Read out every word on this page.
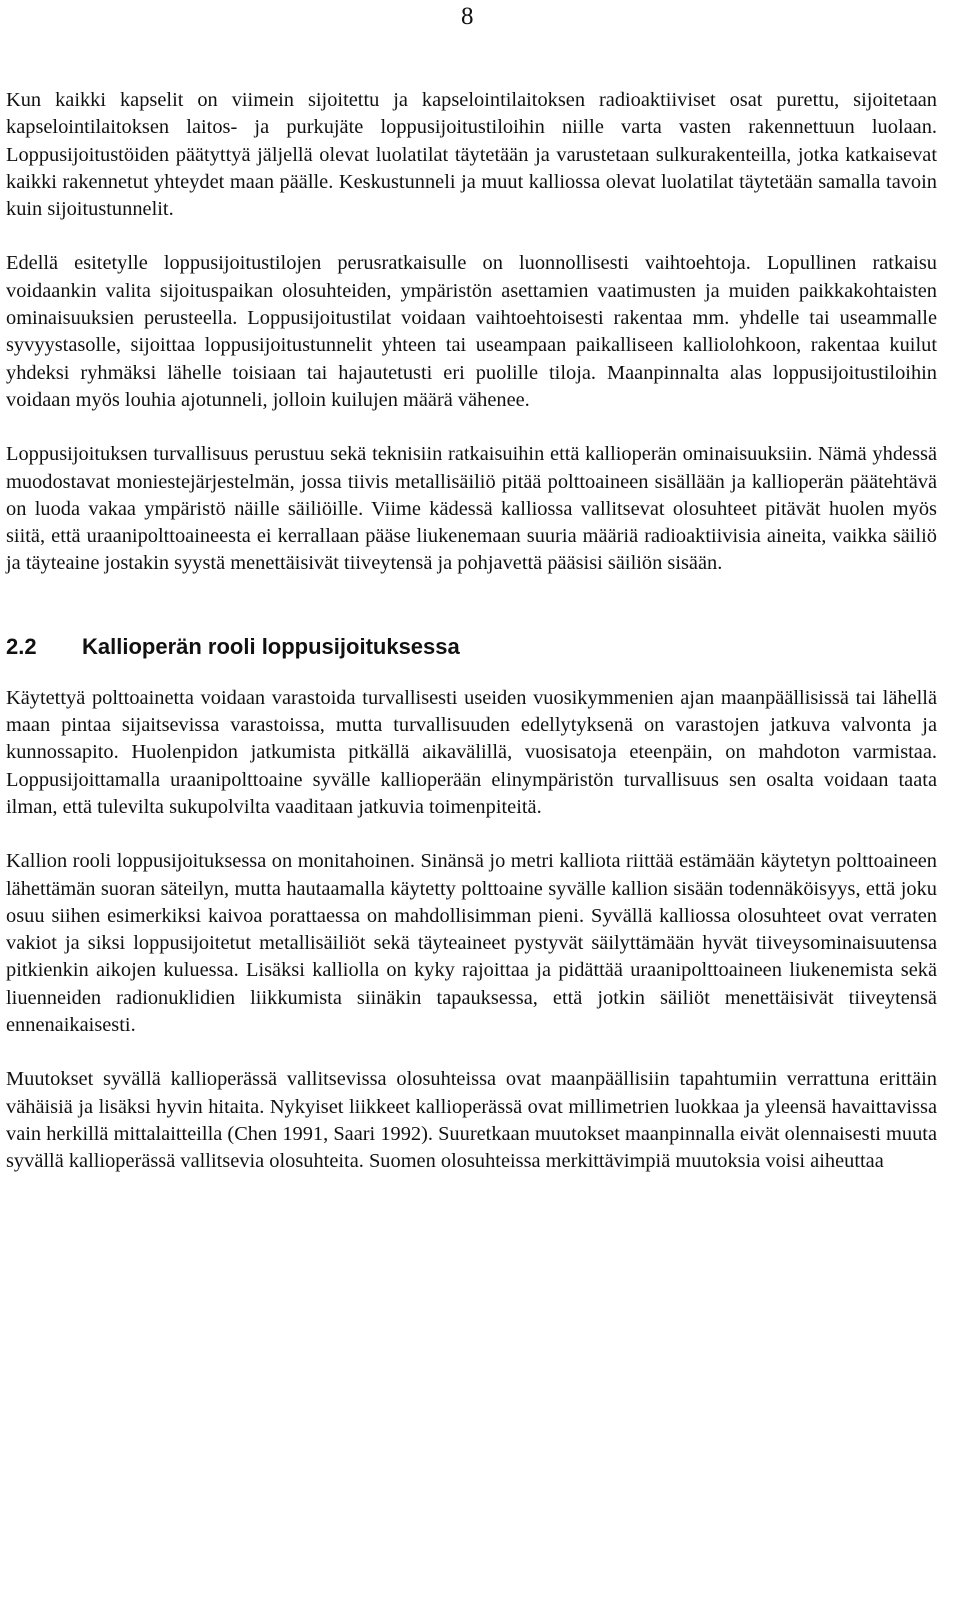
8

Kun kaikki kapselit on viimein sijoitettu ja kapselointilaitoksen radioaktiiviset osat purettu, sijoitetaan kapselointilaitoksen laitos- ja purkujäte loppusijoitustiloihin niille varta vasten rakennettuun luolaan. Loppusijoitustöiden päätyttyä jäljellä olevat luolatilat täytetään ja varustetaan sulkurakenteilla, jotka katkaisevat kaikki rakennetut yhteydet maan päälle. Keskustunneli ja muut kalliossa olevat luolatilat täytetään samalla tavoin kuin sijoitustunnelit.

Edellä esitetylle loppusijoitustilojen perusratkaisulle on luonnollisesti vaihtoehtoja. Lopullinen ratkaisu voidaankin valita sijoituspaikan olosuhteiden, ympäristön asettamien vaatimusten ja muiden paikkakohtaisten ominaisuuksien perusteella. Loppusijoitustilat voidaan vaihtoehtoisesti rakentaa mm. yhdelle tai useammalle syvyystasolle, sijoittaa loppusijoitustunnelit yhteen tai useampaan paikalliseen kalliolohkoon, rakentaa kuilut yhdeksi ryhmäksi lähelle toisiaan tai hajautetusti eri puolille tiloja. Maanpinnalta alas loppusijoitustiloihin voidaan myös louhia ajotunneli, jolloin kuilujen määrä vähenee.

Loppusijoituksen turvallisuus perustuu sekä teknisiin ratkaisuihin että kallioperän ominaisuuksiin. Nämä yhdessä muodostavat moniestejärjestelmän, jossa tiivis metallisäiliö pitää polttoaineen sisällään ja kallioperän päätehtävä on luoda vakaa ympäristö näille säiliöille. Viime kädessä kalliossa vallitsevat olosuhteet pitävät huolen myös siitä, että uraanipolttoaineesta ei kerrallaan pääse liukenemaan suuria määriä radioaktiivisia aineita, vaikka säiliö ja täyteaine jostakin syystä menettäisivät tiiveytensä ja pohjavettä pääsisi säiliön sisään.

2.2	Kallioperän rooli loppusijoituksessa

Käytettyä polttoainetta voidaan varastoida turvallisesti useiden vuosikymmenien ajan maanpäällisissä tai lähellä maan pintaa sijaitsevissa varastoissa, mutta turvallisuuden edellytyksenä on varastojen jatkuva valvonta ja kunnossapito. Huolenpidon jatkumista pitkällä aikavälillä, vuosisatoja eteenpäin, on mahdoton varmistaa. Loppusijoittamalla uraanipolttoaine syvälle kallioperään elinympäristön turvallisuus sen osalta voidaan taata ilman, että tulevilta sukupolvilta vaaditaan jatkuvia toimenpiteitä.

Kallion rooli loppusijoituksessa on monitahoinen. Sinänsä jo metri kalliota riittää estämään käytetyn polttoaineen lähettämän suoran säteilyn, mutta hautaamalla käytetty polttoaine syvälle kallion sisään todennäköisyys, että joku osuu siihen esimerkiksi kaivoa porattaessa on mahdollisimman pieni. Syvällä kalliossa olosuhteet ovat verraten vakiot ja siksi loppusijoitetut metallisäiliöt sekä täyteaineet pystyvät säilyttämään hyvät tiiveysominaisuutensa pitkienkin aikojen kuluessa. Lisäksi kalliolla on kyky rajoittaa ja pidättää uraanipolttoaineen liukenemista sekä liuenneiden radionuklidien liikkumista siinäkin tapauksessa, että jotkin säiliöt menettäisivät tiiveytensä ennenaikaisesti.

Muutokset syvällä kallioperässä vallitsevissa olosuhteissa ovat maanpäällisiin tapahtumiin verrattuna erittäin vähäisiä ja lisäksi hyvin hitaita. Nykyiset liikkeet kallioperässä ovat millimetrien luokkaa ja yleensä havaittavissa vain herkillä mittalaitteilla (Chen 1991, Saari 1992). Suuretkaan muutokset maanpinnalla eivät olennaisesti muuta syvällä kallioperässä vallitsevia olosuhteita. Suomen olosuhteissa merkittävimpiä muutoksia voisi aiheuttaa
